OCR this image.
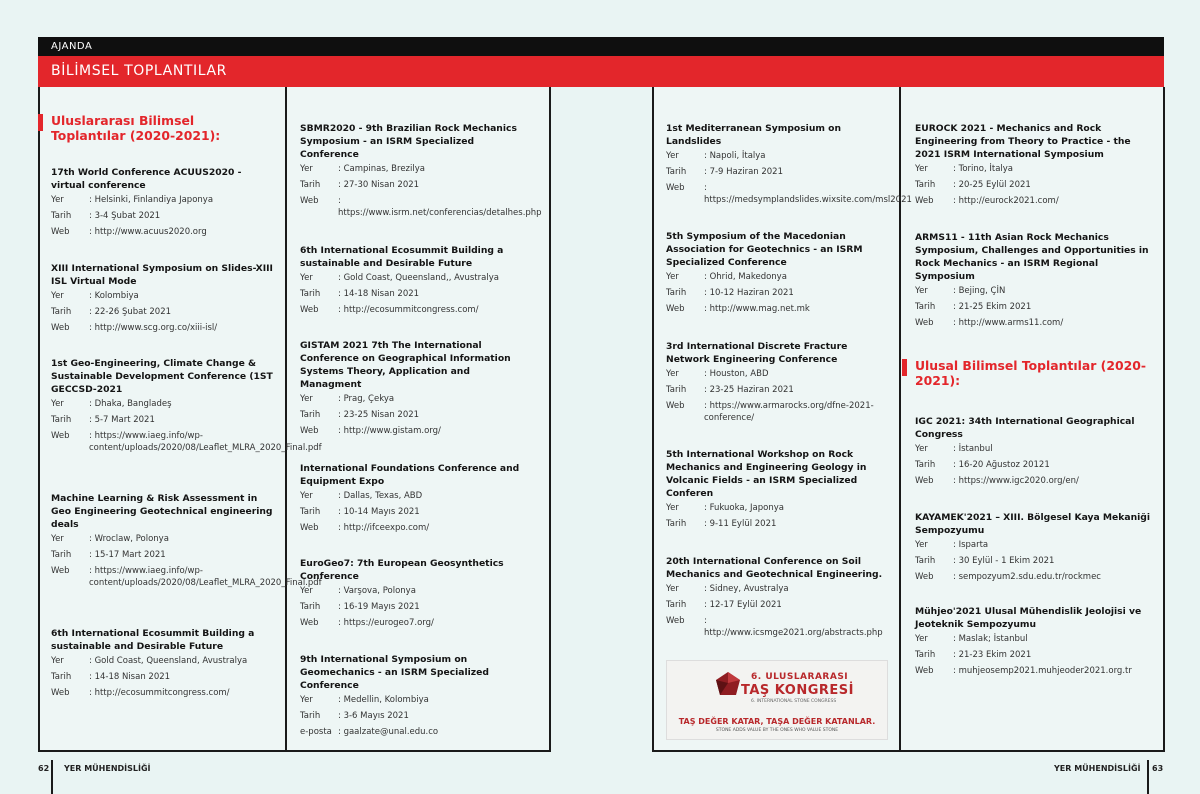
AJANDA
BİLİMSEL TOPLANTILAR
Uluslararası Bilimsel Toplantılar (2020-2021):
Ulusal Bilimsel Toplantılar (2020-2021):
17th World Conference ACUUS2020 - virtual conference
Yer	: Helsinki, Finlandiya Japonya
Tarih	: 3-4 Şubat 2021
Web	: http://www.acuus2020.org
XIII International Symposium on Slides-XIII ISL Virtual Mode
Yer	: Kolombiya
Tarih	: 22-26 Şubat 2021
Web	: http://www.scg.org.co/xiii-isl/
1st Geo-Engineering, Climate Change & Sustainable Development Conference (1ST GECCSD-2021
Yer	: Dhaka, Bangladeş
Tarih	: 5-7 Mart 2021
Web	: https://www.iaeg.info/wp-content/uploads/2020/08/Leaflet_MLRA_2020_Final.pdf
Machine Learning & Risk Assessment in Geo Engineering Geotechnical engineering deals
Yer	: Wroclaw, Polonya
Tarih	: 15-17 Mart 2021
Web	: https://www.iaeg.info/wp-content/uploads/2020/08/Leaflet_MLRA_2020_Final.pdf
6th International Ecosummit Building a sustainable and Desirable Future
Yer	: Gold Coast, Queensland, Avustralya
Tarih	: 14-18 Nisan 2021
Web	: http://ecosummitcongress.com/
SBMR2020 - 9th Brazilian Rock Mechanics Symposium - an ISRM Specialized Conference
Yer	: Campinas, Brezilya
Tarih	: 27-30 Nisan 2021
Web	: https://www.isrm.net/conferencias/detalhes.php
6th International Ecosummit Building a sustainable and Desirable Future
Yer	: Gold Coast, Queensland,, Avustralya
Tarih	: 14-18 Nisan 2021
Web	: http://ecosummitcongress.com/
GISTAM 2021 7th The International Conference on Geographical Information Systems Theory, Application and Managment
Yer	: Prag, Çekya
Tarih	: 23-25 Nisan 2021
Web	: http://www.gistam.org/
International Foundations Conference and Equipment Expo
Yer	: Dallas, Texas, ABD
Tarih	: 10-14 Mayıs 2021
Web	: http://ifceexpo.com/
EuroGeo7: 7th European Geosynthetics Conference
Yer	: Varşova, Polonya
Tarih	: 16-19 Mayıs 2021
Web	: https://eurogeo7.org/
9th International Symposium on Geomechanics - an ISRM Specialized Conference
Yer	: Medellin, Kolombiya
Tarih	: 3-6 Mayıs 2021
e-posta : gaalzate@unal.edu.co
1st Mediterranean Symposium on Landslides
Yer	: Napoli, İtalya
Tarih	: 7-9 Haziran 2021
Web	: https://medsymplandslides.wixsite.com/msl2021
5th Symposium of the Macedonian Association for Geotechnics - an ISRM Specialized Conference
Yer	: Ohrid, Makedonya
Tarih	: 10-12 Haziran 2021
Web	: http://www.mag.net.mk
3rd International Discrete Fracture Network Engineering Conference
Yer	: Houston, ABD
Tarih	: 23-25 Haziran 2021
Web	: https://www.armarocks.org/dfne-2021-conference/
5th International Workshop on Rock Mechanics and Engineering Geology in Volcanic Fields - an ISRM Specialized Conferen
Yer	: Fukuoka, Japonya
Tarih	: 9-11 Eylül 2021
20th International Conference on Soil Mechanics and Geotechnical Engineering.
Yer	: Sidney, Avustralya
Tarih	: 12-17 Eylül 2021
Web	: http://www.icsmge2021.org/abstracts.php
EUROCK 2021 - Mechanics and Rock Engineering from Theory to Practice - the 2021 ISRM International Symposium
Yer	: Torino, İtalya
Tarih	: 20-25 Eylül 2021
Web	: http://eurock2021.com/
ARMS11 - 11th Asian Rock Mechanics Symposium, Challenges and Opportunities in Rock Mechanics - an ISRM Regional Symposium
Yer	: Bejing, ÇİN
Tarih	: 21-25 Ekim 2021
Web	: http://www.arms11.com/
IGC 2021: 34th International Geographical Congress
Yer	: İstanbul
Tarih	: 16-20 Ağustoz 20121
Web	: https://www.igc2020.org/en/
KAYAMEK'2021 – XIII. Bölgesel Kaya Mekaniği Sempozyumu
Yer	: Isparta
Tarih	: 30 Eylül - 1 Ekim 2021
Web	: sempozyum2.sdu.edu.tr/rockmec
Mühjeo'2021 Ulusal Mühendislik Jeolojisi ve Jeoteknik Sempozyumu
Yer	: Maslak; İstanbul
Tarih	: 21-23 Ekim 2021
Web	: muhjeosemp2021.muhjeoder2021.org.tr
6. ULUSLARARASI
TAŞ KONGRESİ
6. INTERNATIONAL STONE CONGRESS
TAŞ DEĞER KATAR, TAŞA DEĞER KATANLAR.
STONE ADDS VALUE BY THE ONES WHO VALUE STONE
62 YER MÜHENDİSLİĞİ	YER MÜHENDİSLİĞİ 63
